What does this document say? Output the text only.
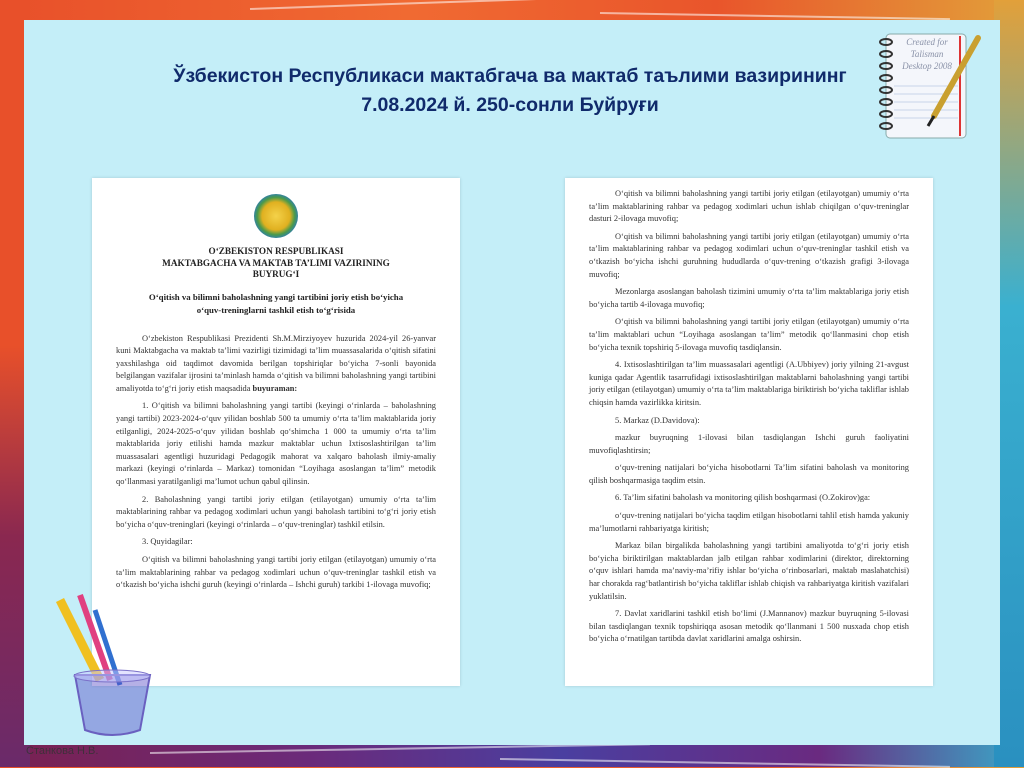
Created for Talisman Desktop 2008
Ўзбекистон Республикаси мактабгача ва мактаб таълими вазирининг
7.08.2024 й. 250-сонли Буйруғи
O‘ZBEKISTON RESPUBLIKASI
MAKTABGACHA VA MAKTAB TA’LIMI VAZIRINING
BUYRUG‘I
O‘qitish va bilimni baholashning yangi tartibini joriy etish bo‘yicha
o‘quv-treninglarni tashkil etish to‘g‘risida

O‘zbekiston Respublikasi Prezidenti Sh.M.Mirziyoyev huzurida 2024-yil 26-yanvar kuni Maktabgacha va maktab ta’limi vazirligi tizimidagi ta’lim muassasalarida o‘qitish sifatini yaxshilashga oid taqdimot davomida berilgan topshiriqlar bo‘yicha 7-sonli bayonida belgilangan vazifalar ijrosini ta’minlash hamda o‘qitish va bilimni baholashning yangi tartibini amaliyotda to‘g‘ri joriy etish maqsadida buyuraman:

1. O‘qitish va bilimni baholashning yangi tartibi (keyingi o‘rinlarda – baholashning yangi tartibi) 2023-2024-o‘quv yilidan boshlab 500 ta umumiy o‘rta ta’lim maktablarida joriy etilganligi, 2024-2025-o‘quv yilidan boshlab qo‘shimcha 1 000 ta umumiy o‘rta ta’lim maktablarida joriy etilishi hamda mazkur maktablar uchun Ixtisoslashtirilgan ta’lim muassasalari agentligi huzuridagi Pedagogik mahorat va xalqaro baholash ilmiy-amaliy markazi (keyingi o‘rinlarda – Markaz) tomonidan “Loyihaga asoslangan ta’lim” metodik qo‘llanmasi yaratilganligi ma’lumot uchun qabul qilinsin.

2. Baholashning yangi tartibi joriy etilgan (etilayotgan) umumiy o‘rta ta’lim maktablarining rahbar va pedagog xodimlari uchun yangi baholash tartibini to‘g‘ri joriy etish bo‘yicha o‘quv-treninglari (keyingi o‘rinlarda – o‘quv-treninglar) tashkil etilsin.

3. Quyidagilar:

O‘qitish va bilimni baholashning yangi tartibi joriy etilgan (etilayotgan) umumiy o‘rta ta’lim maktablarining rahbar va pedagog xodimlari uchun o‘quv-treninglar tashkil etish va o‘tkazish bo‘yicha ishchi guruh (keyingi o‘rinlarda – Ishchi guruh) tarkibi 1-ilovaga muvofiq;

O‘qitish va bilimni baholashning yangi tartibi joriy etilgan (etilayotgan) umumiy o‘rta ta’lim maktablarining rahbar va pedagog xodimlari uchun ishlab chiqilgan o‘quv-treninglar dasturi 2-ilovaga muvofiq;

O‘qitish va bilimni baholashning yangi tartibi joriy etilgan (etilayotgan) umumiy o‘rta ta’lim maktablarining rahbar va pedagog xodimlari uchun o‘quv-treninglar tashkil etish va o‘tkazish bo‘yicha ishchi guruhning hududlarda o‘quv-trening o‘tkazish grafigi 3-ilovaga muvofiq;

Mezonlarga asoslangan baholash tizimini umumiy o‘rta ta’lim maktablariga joriy etish bo‘yicha tartib 4-ilovaga muvofiq;

O‘qitish va bilimni baholashning yangi tartibi joriy etilgan (etilayotgan) umumiy o‘rta ta’lim maktablari uchun “Loyihaga asoslangan ta’lim” metodik qo‘llanmasini chop etish bo‘yicha texnik topshiriq 5-ilovaga muvofiq tasdiqlansin.

4. Ixtisoslashtirilgan ta’lim muassasalari agentligi (A.Ubbiyev) joriy yilning 21-avgust kuniga qadar Agentlik tasarrufidagi ixtisoslashtirilgan maktablarni baholashning yangi tartibi joriy etilgan (etilayotgan) umumiy o‘rta ta’lim maktablariga biriktirish bo‘yicha takliflar ishlab chiqsin hamda vazirlikka kiritsin.

5. Markaz (D.Davidova):

mazkur buyruqning 1-ilovasi bilan tasdiqlangan Ishchi guruh faoliyatini muvofiqlashtirsin;

o‘quv-trening natijalari bo‘yicha hisobotlarni Ta’lim sifatini baholash va monitoring qilish boshqarmasiga taqdim etsin.

6. Ta’lim sifatini baholash va monitoring qilish boshqarmasi (O.Zokirov)ga:

o‘quv-trening natijalari bo‘yicha taqdim etilgan hisobotlarni tahlil etish hamda yakuniy ma’lumotlarni rahbariyatga kiritish;

Markaz bilan birgalikda baholashning yangi tartibini amaliyotda to‘g‘ri joriy etish bo‘yicha biriktirilgan maktablardan jalb etilgan rahbar xodimlarini (direktor, direktorning o‘quv ishlari hamda ma’naviy-ma’rifiy ishlar bo‘yicha o‘rinbosarlari, maktab maslahatchisi) har chorakda rag‘batlantirish bo‘yicha takliflar ishlab chiqish va rahbariyatga kiritish vazifalari yuklatilsin.

7. Davlat xaridlarini tashkil etish bo‘limi (J.Mannanov) mazkur buyruqning 5-ilovasi bilan tasdiqlangan texnik topshiriqqa asosan metodik qo‘llanmani 1 500 nusxada chop etish bo‘yicha o‘rnatilgan tartibda davlat xaridlarini amalga oshirsin.

Станкова Н.В.
